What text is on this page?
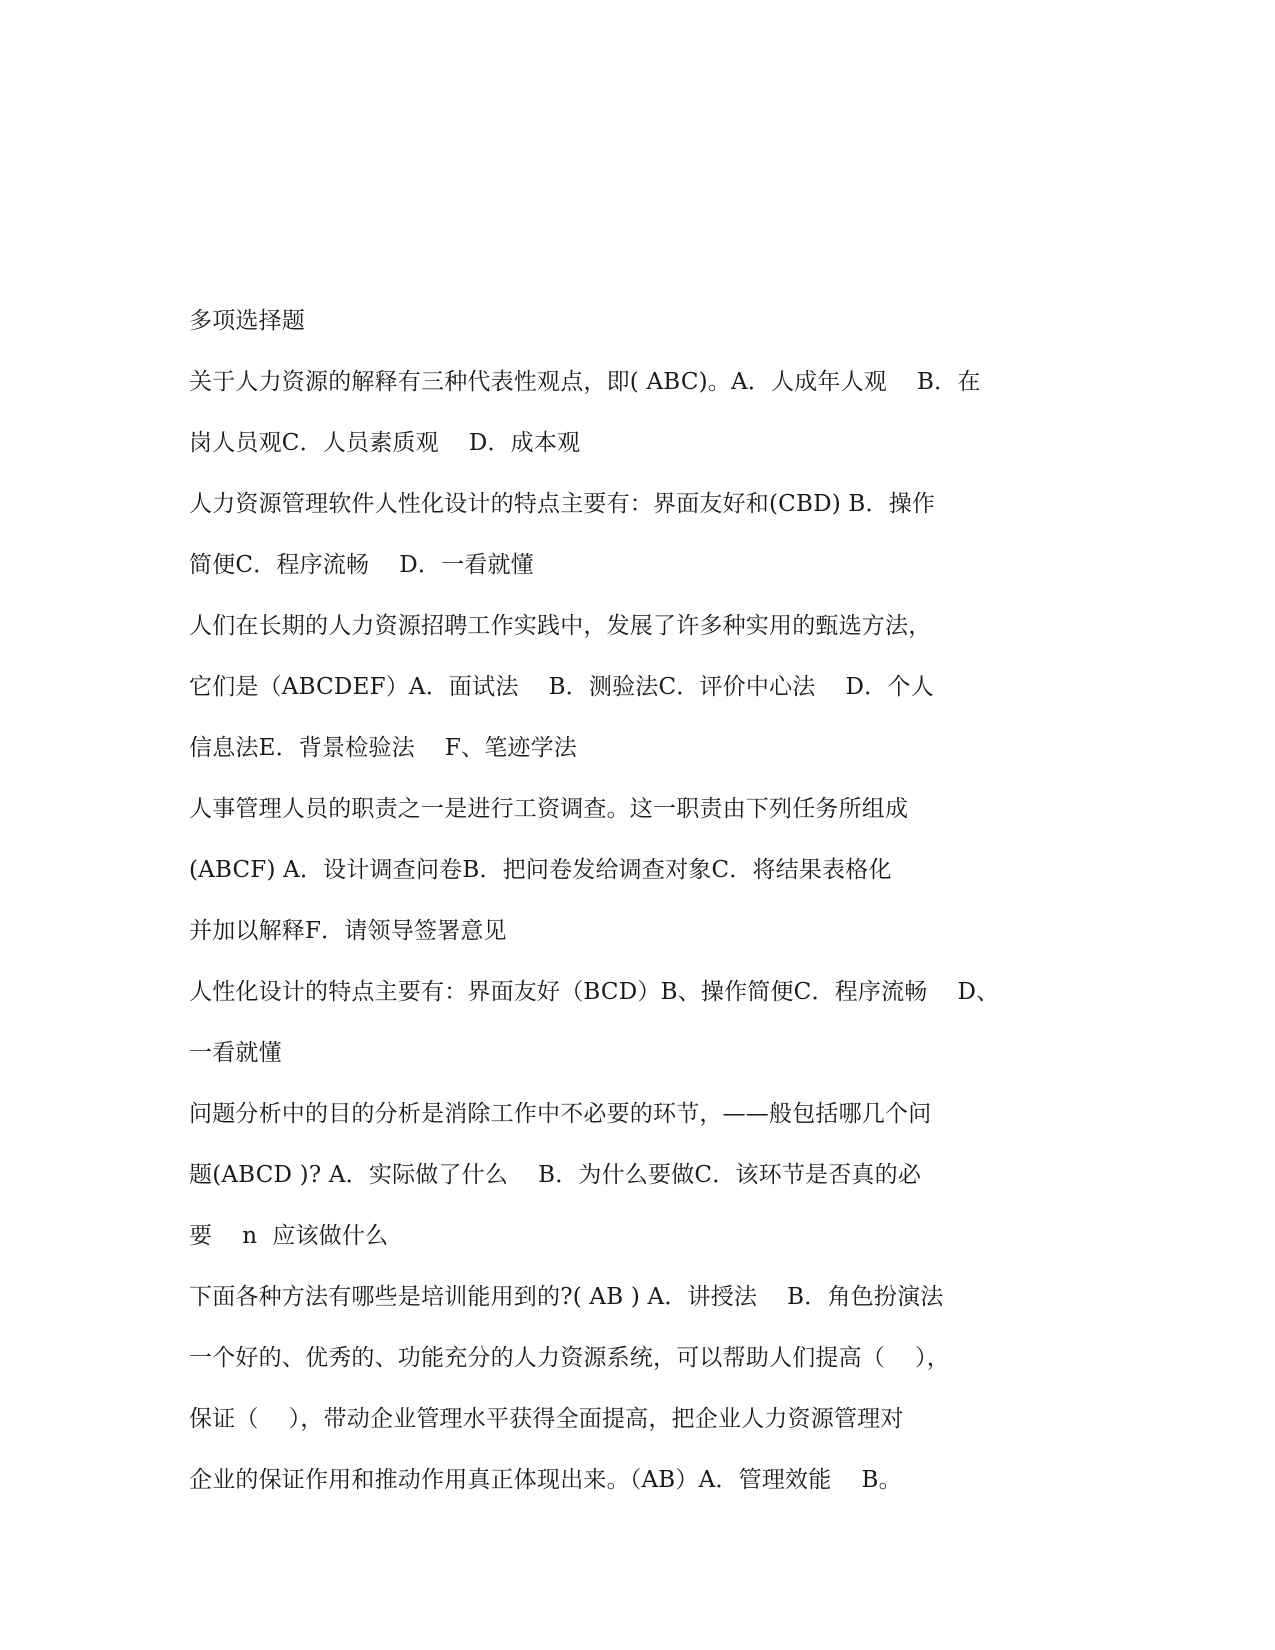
多项选择题
关于人力资源的解释有三种代表性观点，即( ABC)。A．人成年人观    B．在
岗人员观C．人员素质观    D．成本观
人力资源管理软件人性化设计的特点主要有：界面友好和(CBD) B．操作
简便C．程序流畅    D．一看就懂
人们在长期的人力资源招聘工作实践中，发展了许多种实用的甄选方法，
它们是（ABCDEF）A．面试法    B．测验法C．评价中心法    D．个人
信息法E．背景检验法    F、笔迹学法
人事管理人员的职责之一是进行工资调查。这一职责由下列任务所组成
(ABCF) A．设计调查问卷B．把问卷发给调查对象C．将结果表格化
并加以解释F．请领导签署意见
人性化设计的特点主要有：界面友好（BCD）B、操作简便C．程序流畅    D、
一看就懂
问题分析中的目的分析是消除工作中不必要的环节，——般包括哪几个问
题(ABCD )? A．实际做了什么    B．为什么要做C．该环节是否真的必
要    n  应该做什么
下面各种方法有哪些是培训能用到的?( AB ) A．讲授法    B．角色扮演法
一个好的、优秀的、功能充分的人力资源系统，可以帮助人们提高（    ），
保证（    ），带动企业管理水平获得全面提高，把企业人力资源管理对
企业的保证作用和推动作用真正体现出来。（AB）A．管理效能    B。
